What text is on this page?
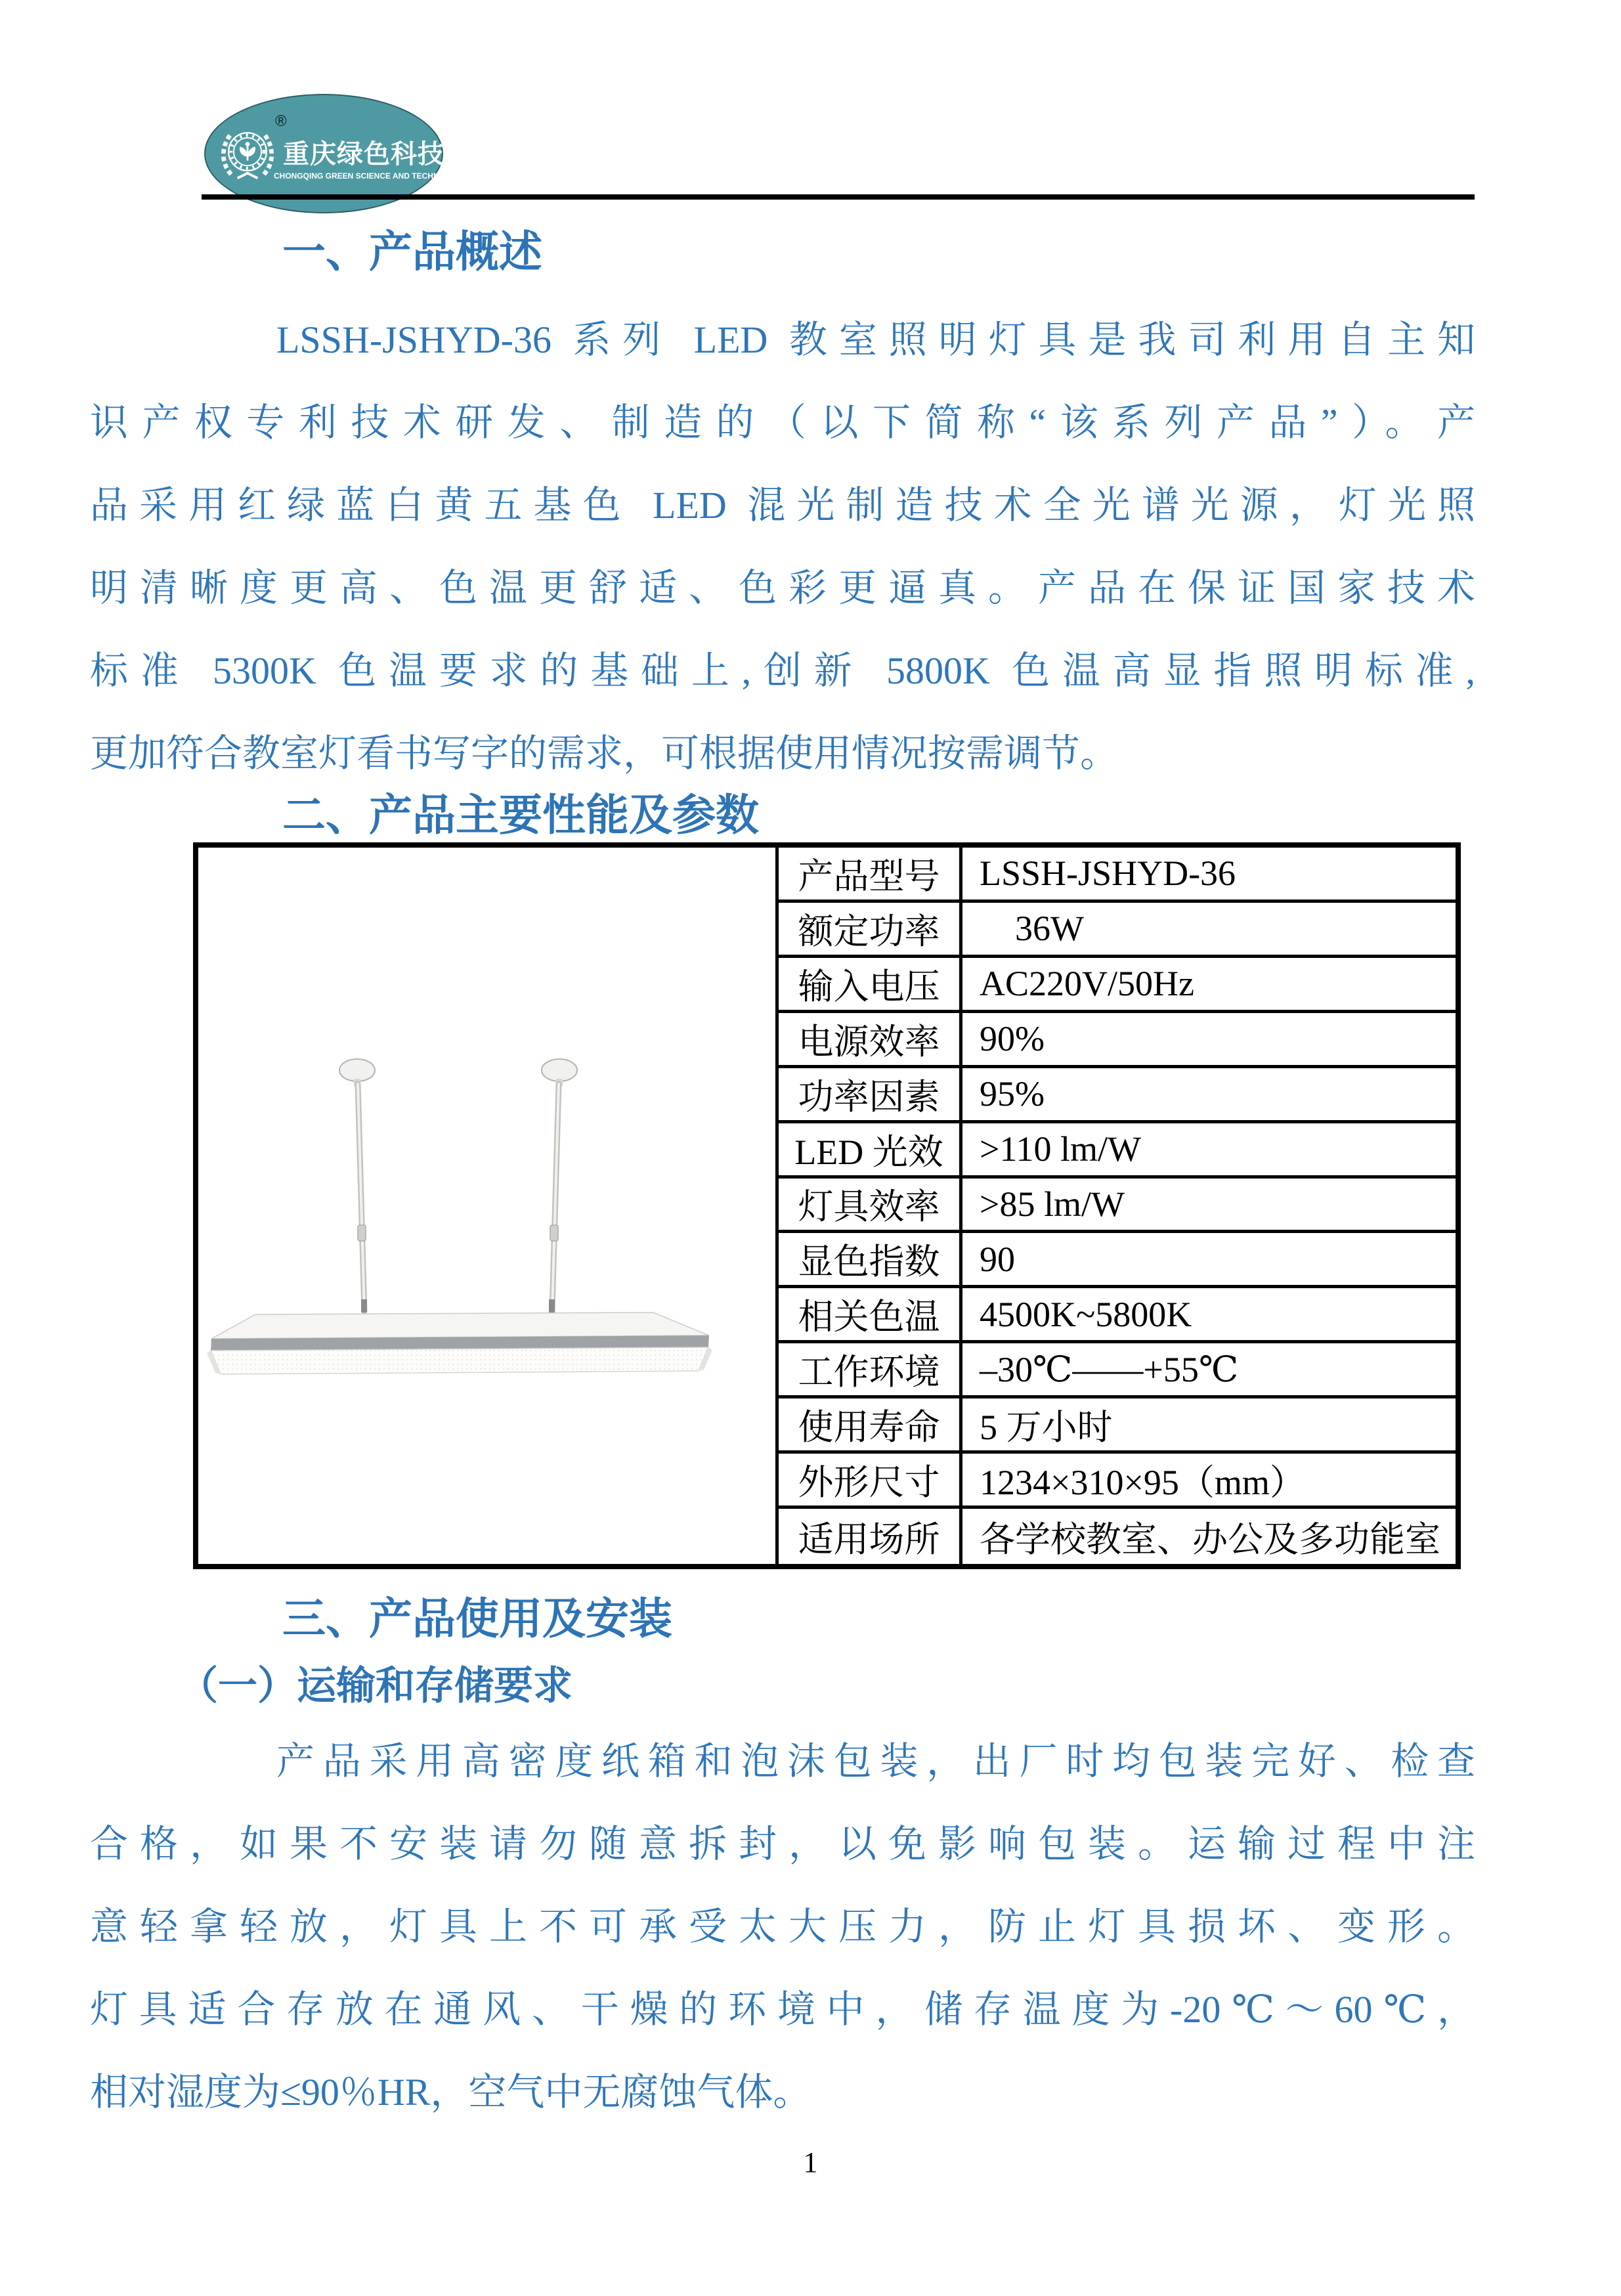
®
重庆绿色科技
CHONGQING GREEN SCIENCE AND TECHNOLOG
一、产品概述
LSSH-JSHYD-36 系列 LED 教室照明灯具是我司利用自主知
识产权专利技术研发、制造的（以下简称“该系列产品”）。产
品采用红绿蓝白黄五基色 LED 混光制造技术全光谱光源，灯光照
明清晰度更高、色温更舒适、色彩更逼真。产品在保证国家技术
标准 5300K 色温要求的基础上,创新 5800K 色温高显指照明标准,
更加符合教室灯看书写字的需求，可根据使用情况按需调节。
二、产品主要性能及参数
产品型号	LSSH-JSHYD-36
额定功率	36W
输入电压	AC220V/50Hz
电源效率	90%
功率因素	95%
LED 光效	>110 lm/W
灯具效率	>85 lm/W
显色指数	90
相关色温	4500K~5800K
工作环境	–30℃——+55℃
使用寿命	5 万小时
外形尺寸	1234×310×95（mm）
适用场所	各学校教室、办公及多功能室
三、产品使用及安装
（一）运输和存储要求
产品采用高密度纸箱和泡沫包装，出厂时均包装完好、检查
合格，如果不安装请勿随意拆封，以免影响包装。运输过程中注
意轻拿轻放，灯具上不可承受太大压力，防止灯具损坏、变形。
灯具适合存放在通风、干燥的环境中，储存温度为-20℃～60℃，
相对湿度为≤90％HR，空气中无腐蚀气体。
1
